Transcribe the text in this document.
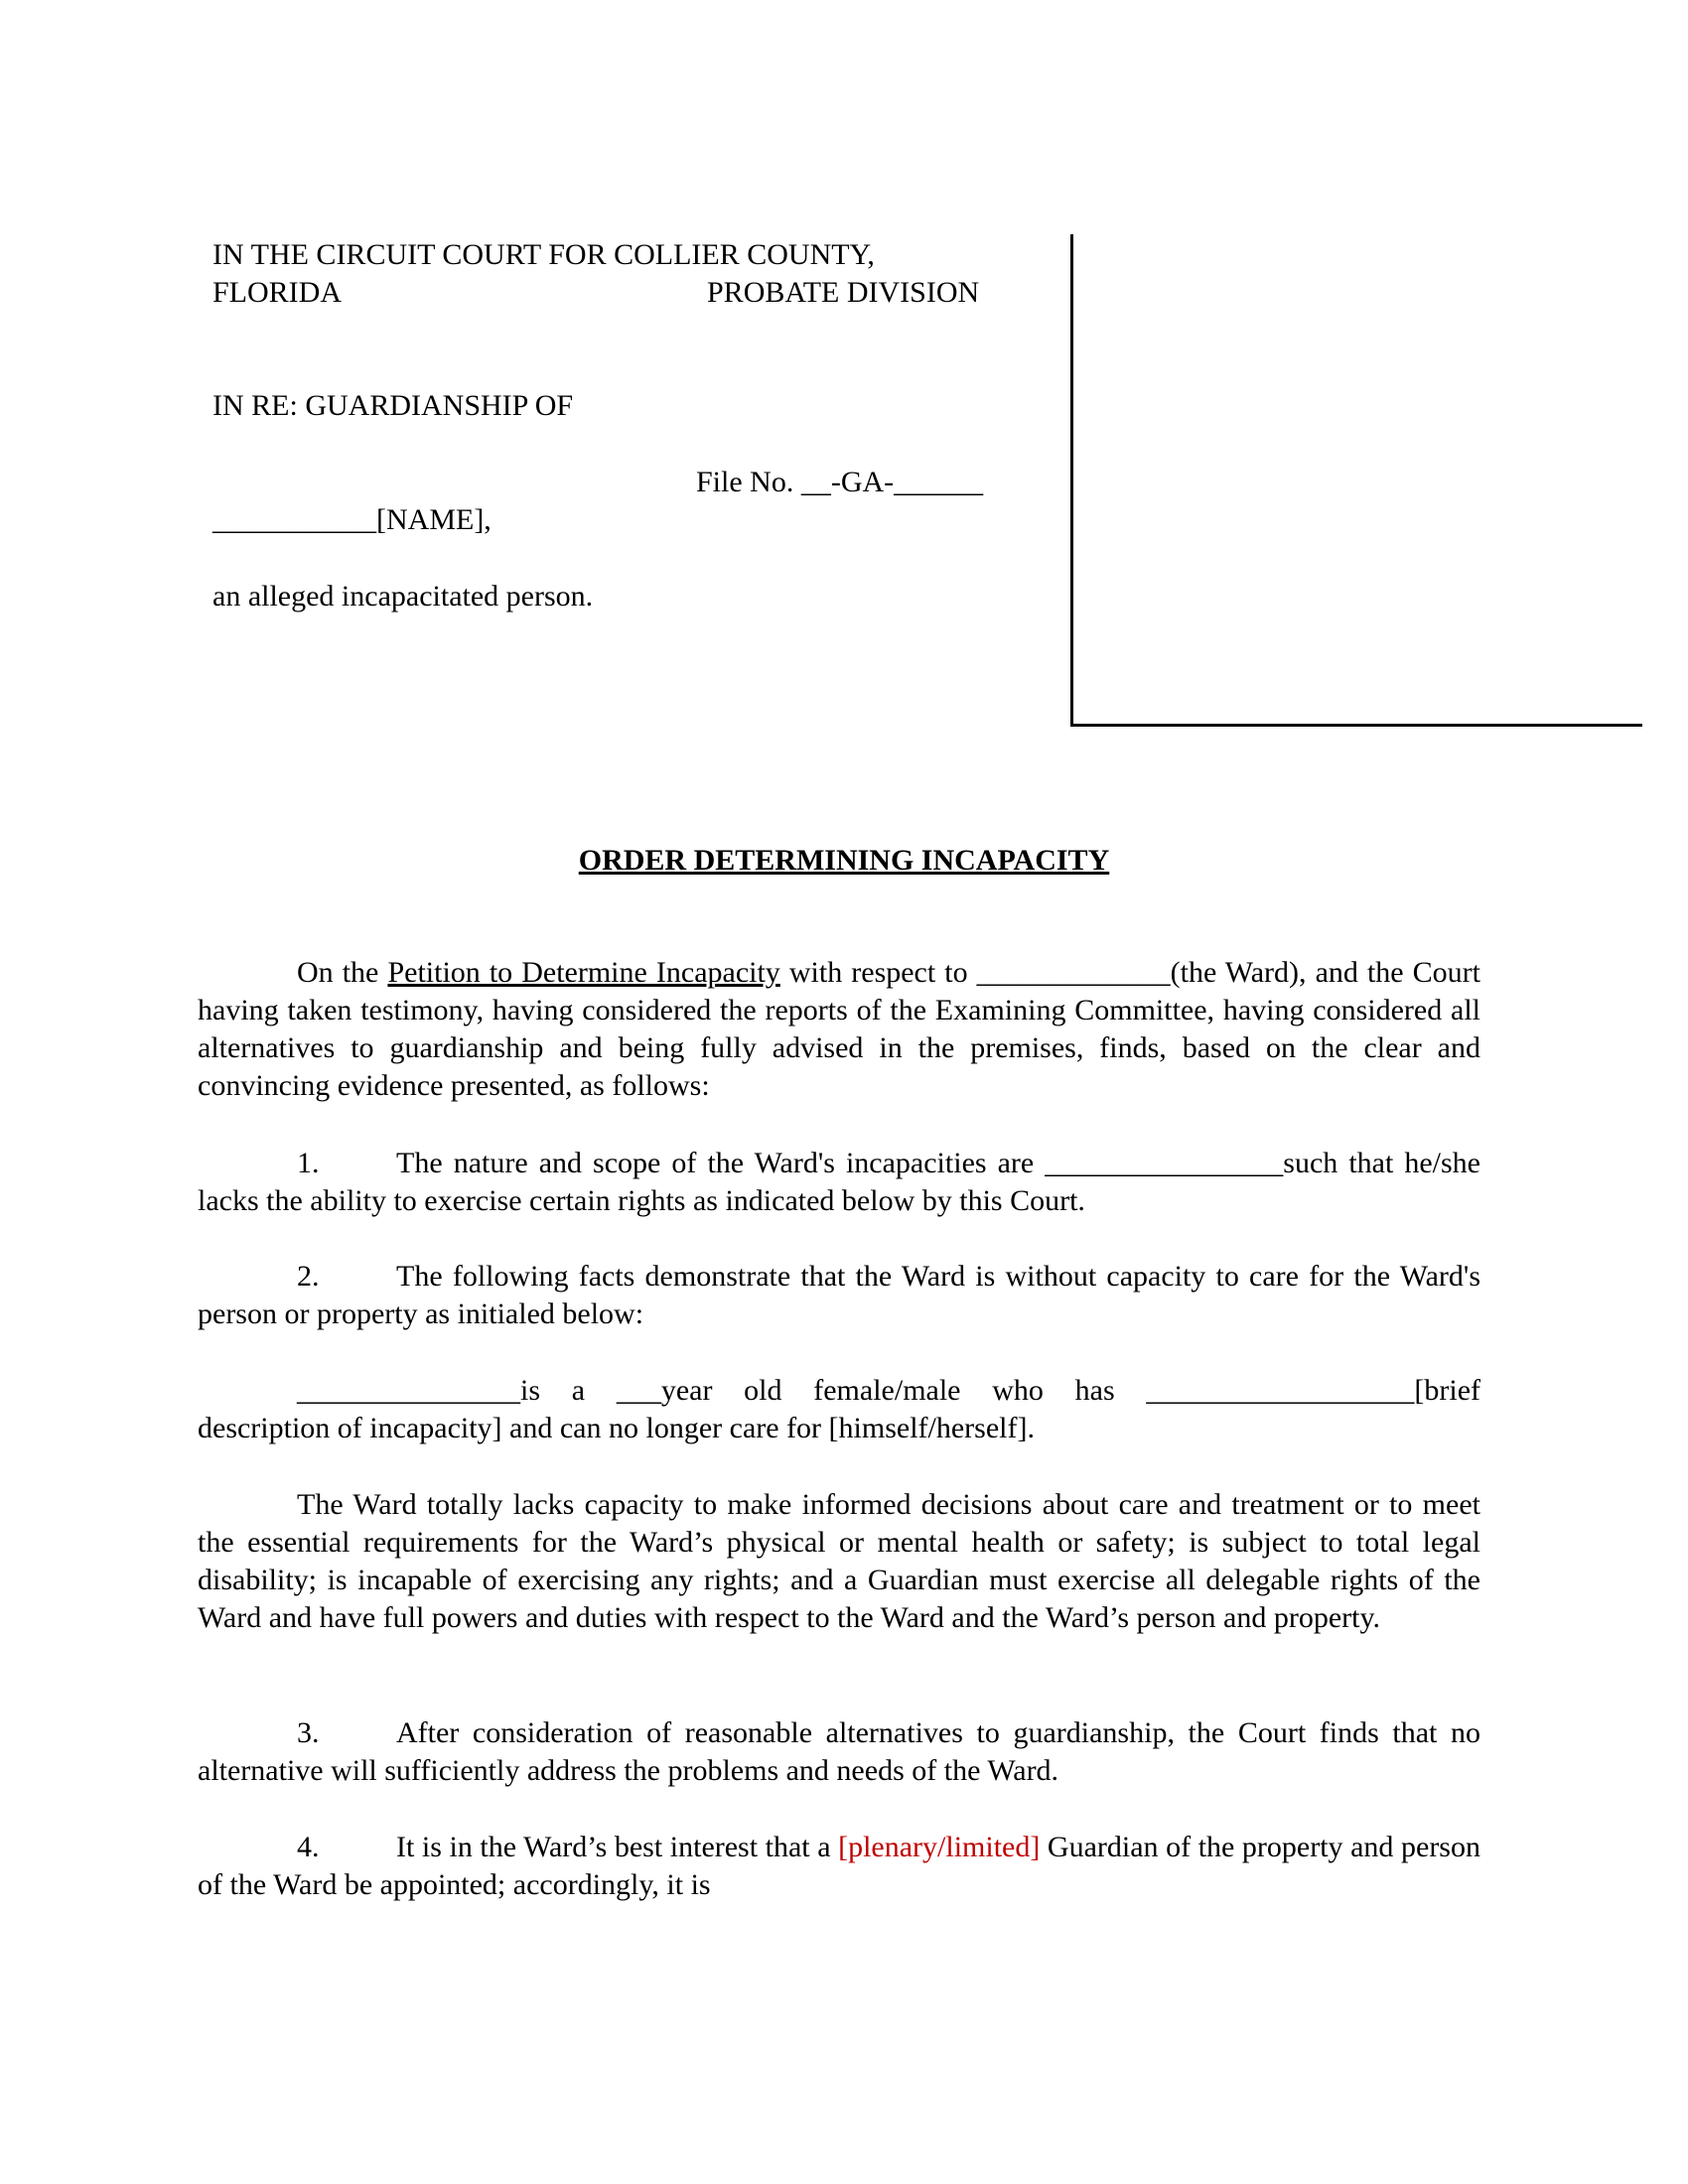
IN THE CIRCUIT COURT FOR COLLIER COUNTY,
FLORIDA	PROBATE DIVISION
IN RE: GUARDIANSHIP OF
File No. __-GA-______
___________[NAME],
an alleged incapacitated person.
ORDER DETERMINING INCAPACITY
On the Petition to Determine Incapacity with respect to _____________(the Ward), and the Court having taken testimony, having considered the reports of the Examining Committee, having considered all alternatives to guardianship and being fully advised in the premises, finds, based on the clear and convincing evidence presented, as follows:
1.	The nature and scope of the Ward's incapacities are ________________such that he/she lacks the ability to exercise certain rights as indicated below by this Court.
2.	The following facts demonstrate that the Ward is without capacity to care for the Ward's person or property as initialed below:
_______________is a ___year old female/male who has __________________[brief
description of incapacity] and can no longer care for [himself/herself].
The Ward totally lacks capacity to make informed decisions about care and treatment or to meet the essential requirements for the Ward’s physical or mental health or safety; is subject to total legal disability; is incapable of exercising any rights; and a Guardian must exercise all delegable rights of the Ward and have full powers and duties with respect to the Ward and the Ward’s person and property.
3.	After consideration of reasonable alternatives to guardianship, the Court finds that no alternative will sufficiently address the problems and needs of the Ward.
4.	It is in the Ward’s best interest that a [plenary/limited] Guardian of the property and person of the Ward be appointed; accordingly, it is
